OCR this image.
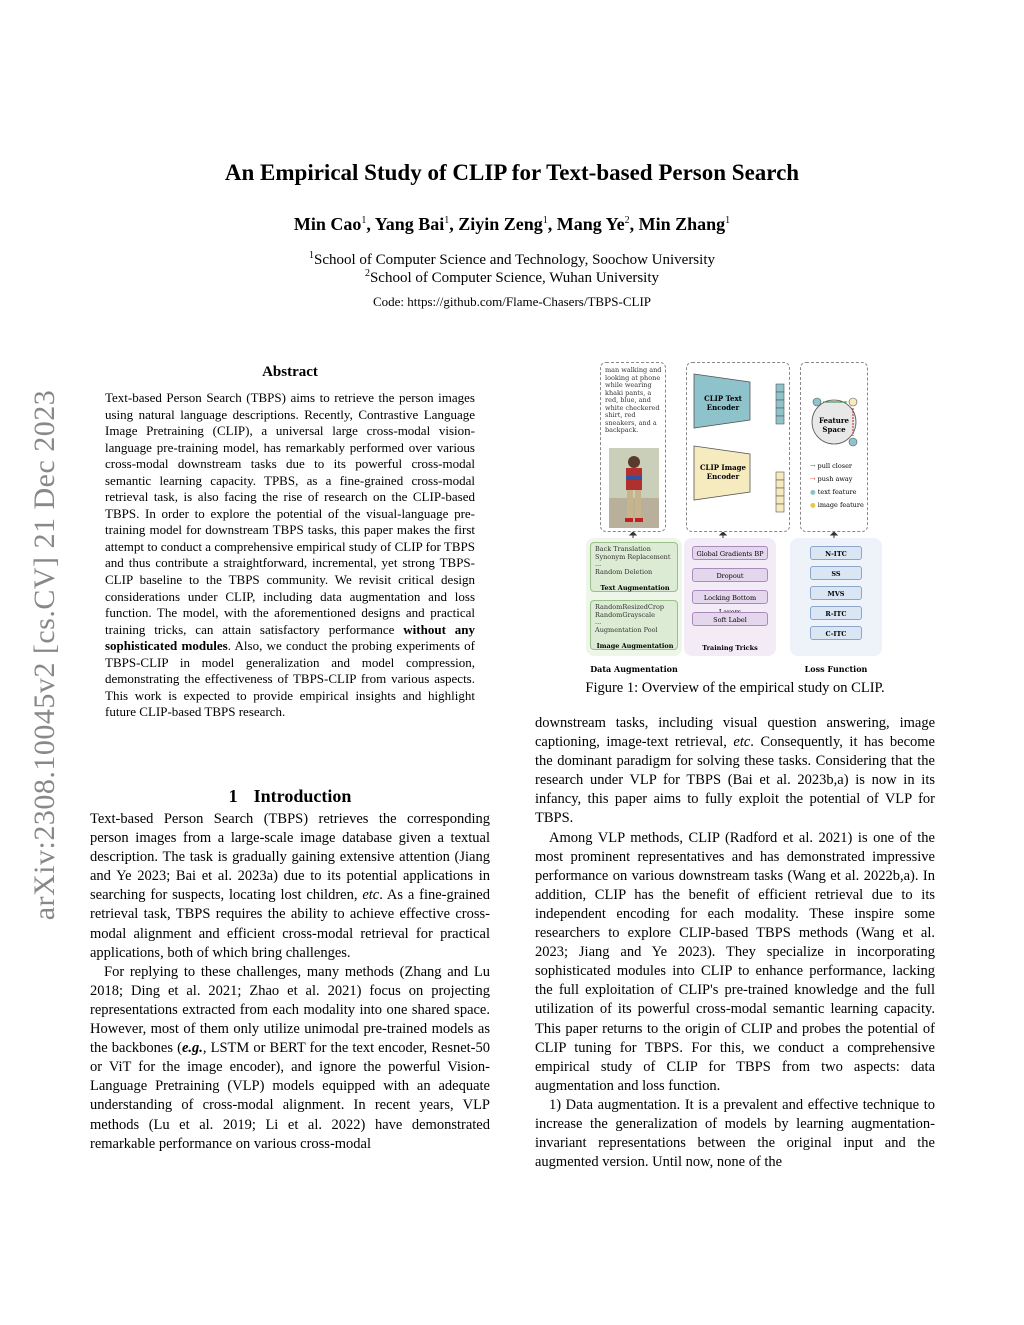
arXiv:2308.10045v2 [cs.CV] 21 Dec 2023
An Empirical Study of CLIP for Text-based Person Search
Min Cao$^1$, Yang Bai$^1$, Ziyin Zeng$^1$, Mang Ye$^2$, Min Zhang$^1$
$^1$School of Computer Science and Technology, Soochow University
$^2$School of Computer Science, Wuhan University
Code: https://github.com/Flame-Chasers/TBPS-CLIP
Abstract
Text-based Person Search (TBPS) aims to retrieve the person images using natural language descriptions. Recently, Contrastive Language Image Pretraining (CLIP), a universal large cross-modal vision-language pre-training model, has remarkably performed over various cross-modal downstream tasks due to its powerful cross-modal semantic learning capacity. TPBS, as a fine-grained cross-modal retrieval task, is also facing the rise of research on the CLIP-based TBPS. In order to explore the potential of the visual-language pre-training model for downstream TBPS tasks, this paper makes the first attempt to conduct a comprehensive empirical study of CLIP for TBPS and thus contribute a straightforward, incremental, yet strong TBPS-CLIP baseline to the TBPS community. We revisit critical design considerations under CLIP, including data augmentation and loss function. The model, with the aforementioned designs and practical training tricks, can attain satisfactory performance without any sophisticated modules. Also, we conduct the probing experiments of TBPS-CLIP in model generalization and model compression, demonstrating the effectiveness of TBPS-CLIP from various aspects. This work is expected to provide empirical insights and highlight future CLIP-based TBPS research.
1 Introduction

Text-based Person Search (TBPS) retrieves the corresponding person images from a large-scale image database given a textual description. The task is gradually gaining extensive attention (Jiang and Ye 2023; Bai et al. 2023a) due to its potential applications in searching for suspects, locating lost children, etc. As a fine-grained retrieval task, TBPS requires the ability to achieve effective cross-modal alignment and efficient cross-modal retrieval for practical applications, both of which bring challenges.

For replying to these challenges, many methods (Zhang and Lu 2018; Ding et al. 2021; Zhao et al. 2021) focus on projecting representations extracted from each modality into one shared space. However, most of them only utilize unimodal pre-trained models as the backbones (e.g., LSTM or BERT for the text encoder, Resnet-50 or ViT for the image encoder), and ignore the powerful Vision-Language Pretraining (VLP) models equipped with an adequate understanding of cross-modal alignment. In recent years, VLP methods (Lu et al. 2019; Li et al. 2022) have demonstrated remarkable performance on various cross-modal

man walking and looking at phone while wearing khaki pants, a red, blue, and white checkered shirt, red sneakers, and a backpack.
CLIP Text Encoder
CLIP Image Encoder
Feature Space
→ pull closer
⇢ push away
● text feature
● image feature
Back Translation
Synonym Replacement
...
Random Deletion
Text Augmentation
RandomResizedCrop
RandomGrayscale
...
Augmentation Pool
Image Augmentation
Global Gradients BP
Dropout
Locking Bottom
Soft Label
Training Tricks
N-ITC
SS
MVS
R-ITC
C-ITC
Data Augmentation	Loss Function
Figure 1: Overview of the empirical study on CLIP.

downstream tasks, including visual question answering, image captioning, image-text retrieval, etc. Consequently, it has become the dominant paradigm for solving these tasks. Considering that the research under VLP for TBPS (Bai et al. 2023b,a) is now in its infancy, this paper aims to fully exploit the potential of VLP for TBPS.

Among VLP methods, CLIP (Radford et al. 2021) is one of the most prominent representatives and has demonstrated impressive performance on various downstream tasks (Wang et al. 2022b,a). In addition, CLIP has the benefit of efficient retrieval due to its independent encoding for each modality. These inspire some researchers to explore CLIP-based TBPS methods (Wang et al. 2023; Jiang and Ye 2023). They specialize in incorporating sophisticated modules into CLIP to enhance performance, lacking the full exploitation of CLIP's pre-trained knowledge and the full utilization of its powerful cross-modal semantic learning capacity. This paper returns to the origin of CLIP and probes the potential of CLIP tuning for TBPS. For this, we conduct a comprehensive empirical study of CLIP for TBPS from two aspects: data augmentation and loss function.

1) Data augmentation. It is a prevalent and effective technique to increase the generalization of models by learning augmentation-invariant representations between the original input and the augmented version. Until now, none of the
